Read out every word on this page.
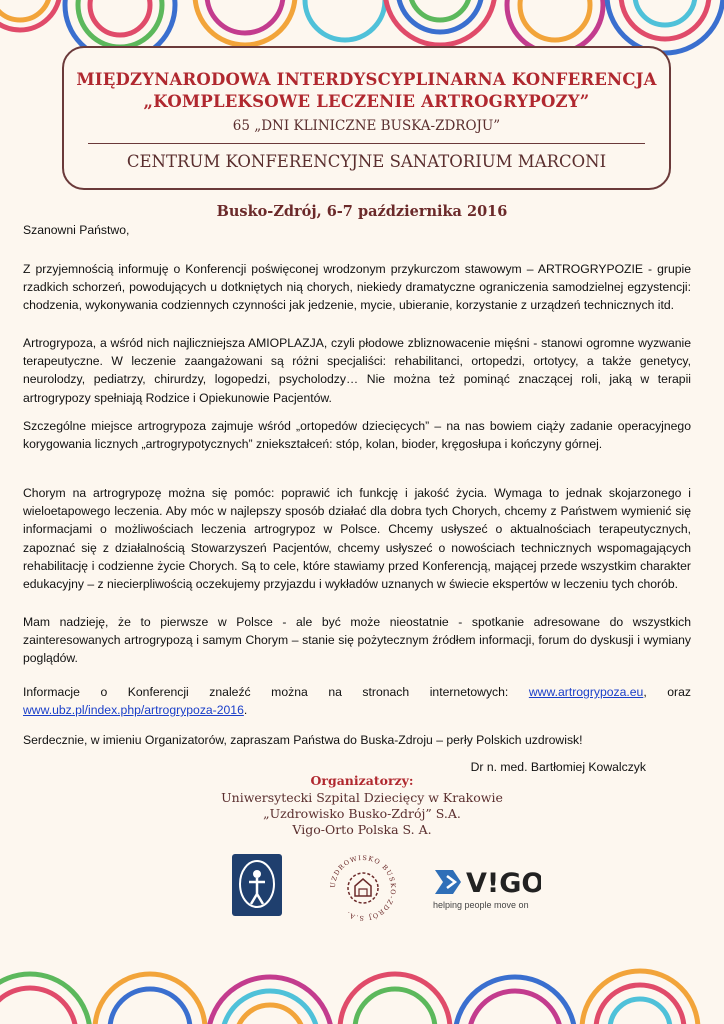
MIĘDZYNARODOWA INTERDYSCYPLINARNA KONFERENCJA
„KOMPLEKSOWE LECZENIE ARTROGRYPOZY”
65 „DNI KLINICZNE BUSKA-ZDROJU”
CENTRUM KONFERENCYJNE SANATORIUM MARCONI
Busko-Zdrój, 6-7 października 2016
Szanowni Państwo,

Z przyjemnością informuję o Konferencji poświęconej wrodzonym przykurczom stawowym – ARTROGRYPOZIE - grupie rzadkich schorzeń, powodujących u dotkniętych nią chorych, niekiedy dramatyczne ograniczenia samodzielnej egzystencji: chodzenia, wykonywania codziennych czynności jak jedzenie, mycie, ubieranie, korzystanie z urządzeń technicznych itd.

Artrogrypoza, a wśród nich najliczniejsza AMIOPLAZJA, czyli płodowe zbliznowacenie mięśni - stanowi ogromne wyzwanie terapeutyczne. W leczenie zaangażowani są różni specjaliści: rehabilitanci, ortopedzi, ortotycy, a także genetycy, neurolodzy, pediatrzy, chirurdzy, logopedzi, psycholodzy… Nie można też pominąć znaczącej roli, jaką w terapii artrogrypozy spełniają Rodzice i Opiekunowie Pacjentów.

Szczególne miejsce artrogrypoza zajmuje wśród „ortopedów dziecięcych” – na nas bowiem ciąży zadanie operacyjnego korygowania licznych „artrogrypotycznych” zniekształceń: stóp, kolan, bioder, kręgosłupa i kończyny górnej.

Chorym na artrogrypozę można się pomóc: poprawić ich funkcję i jakość życia. Wymaga to jednak skojarzonego i wieloetapowego leczenia. Aby móc w najlepszy sposób działać dla dobra tych Chorych, chcemy z Państwem wymienić się informacjami o możliwościach leczenia artrogrypoz w Polsce. Chcemy usłyszeć o aktualnościach terapeutycznych, zapoznać się z działalnością Stowarzyszeń Pacjentów, chcemy usłyszeć o nowościach technicznych wspomagających rehabilitację i codzienne życie Chorych. Są to cele, które stawiamy przed Konferencją, mającej przede wszystkim charakter edukacyjny – z niecierpliwością oczekujemy przyjazdu i wykładów uznanych w świecie ekspertów w leczeniu tych chorób.

Mam nadzieję, że to pierwsze w Polsce - ale być może nieostatnie - spotkanie adresowane do wszystkich zainteresowanych artrogrypozą i samym Chorym – stanie się pożytecznym źródłem informacji, forum do dyskusji i wymiany poglądów.

Informacje o Konferencji znaleźć można na stronach internetowych: www.artrogrypoza.eu, oraz www.ubz.pl/index.php/artrogrypoza-2016.

Serdecznie, w imieniu Organizatorów, zapraszam Państwa do Buska-Zdroju – perły Polskich uzdrowisk!

Dr n. med. Bartłomiej Kowalczyk
Organizatorzy:
Uniwersytecki Szpital Dziecięcy w Krakowie
„Uzdrowisko Busko-Zdrój” S.A.
Vigo-Orto Polska S. A.
UZDROWISKO BUSKO-ZDRÓJ S.A.
V!GO
helping people move on
